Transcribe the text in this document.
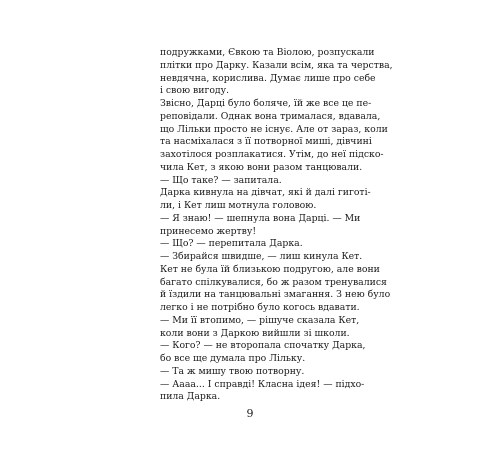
подружками, Євкою та Віолою, розпускали
плітки про Дарку. Казали всім, яка та черства,
невдячна, корислива. Думає лише про себе
і свою вигоду.
Звісно, Дарці було боляче, їй же все це пе-
реповідали. Однак вона трималася, вдавала,
що Лільки просто не існує. Але от зараз, коли
та насміхалася з її потворної миші, дівчині
захотілося розплакатися. Утім, до неї підско-
чила Кет, з якою вони разом танцювали.
— Що таке? — запитала.
Дарка кивнула на дівчат, які й далі гиготі-
ли, і Кет лиш мотнула головою.
— Я знаю! — шепнула вона Дарці. — Ми
принесемо жертву!
— Що? — перепитала Дарка.
— Збирайся швидше, — лиш кинула Кет.
Кет не була їй близькою подругою, але вони
багато спілкувалися, бо ж разом тренувалися
й їздили на танцювальні змагання. З нею було
легко і не потрібно було когось вдавати.
— Ми її втопимо, — рішуче сказала Кет,
коли вони з Даркою вийшли зі школи.
— Кого? — не второпала спочатку Дарка,
бо все ще думала про Лільку.
— Та ж мишу твою потворну.
— Аааа... І справді! Класна ідея! — підхо-
пила Дарка.
9
